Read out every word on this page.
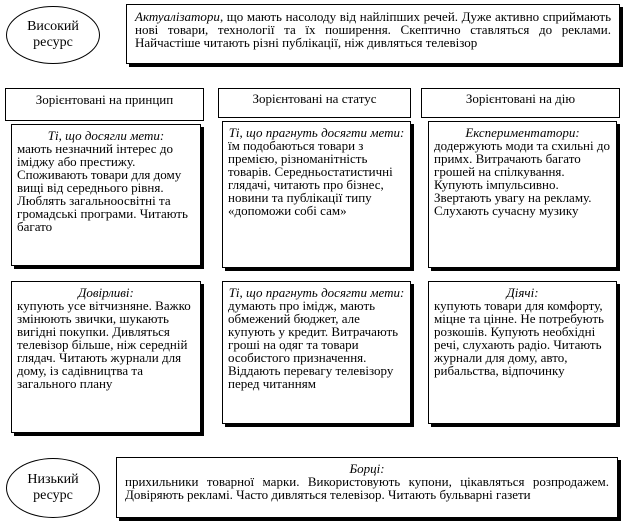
Високий ресурс
Актуалізатори, що мають насолоду від найліпших речей. Дуже активно сприймають нові товари, технології та їх поширення. Скептично ставляться до реклами. Найчастіше читають різні публікації, ніж дивляться телевізор
Зорієнтовані на принцип	Зорієнтовані на статус	Зорієнтовані на дію
Ті, що досягли мети:
мають незначний інтерес до іміджу або престижу. Споживають товари для дому вищі від середнього рівня. Люблять загальноосвітні та громадські програми. Читають багато
Ті, що прагнуть досягти мети:
їм подобаються товари з премією, різноманітність товарів. Середньостатистичні глядачі, читають про бізнес, новини та публікації типу «допоможи собі сам»
Експериментатори:
додержують моди та схильні до примх. Витрачають багато грошей на спілкування. Купують імпульсивно. Звертають увагу на рекламу. Слухають сучасну музику
Довірливі:
купують усе вітчизняне. Важко змінюють звички, шукають вигідні покупки. Дивляться телевізор більше, ніж середній глядач. Читають журнали для дому, із садівництва та загального плану
Ті, що прагнуть досягти мети:
думають про імідж, мають обмежений бюджет, але купують у кредит. Витрачають гроші на одяг та товари особистого призначення. Віддають перевагу телевізору перед читанням
Діячі:
купують товари для комфорту, міцне та цінне. Не потребують розкошів. Купують необхідні речі, слухають радіо. Читають журнали для дому, авто, рибальства, відпочинку
Низький ресурс
Борці:
прихильники товарної марки. Використовують купони, цікавляться розпродажем. Довіряють рекламі. Часто дивляться телевізор. Читають бульварні газети
